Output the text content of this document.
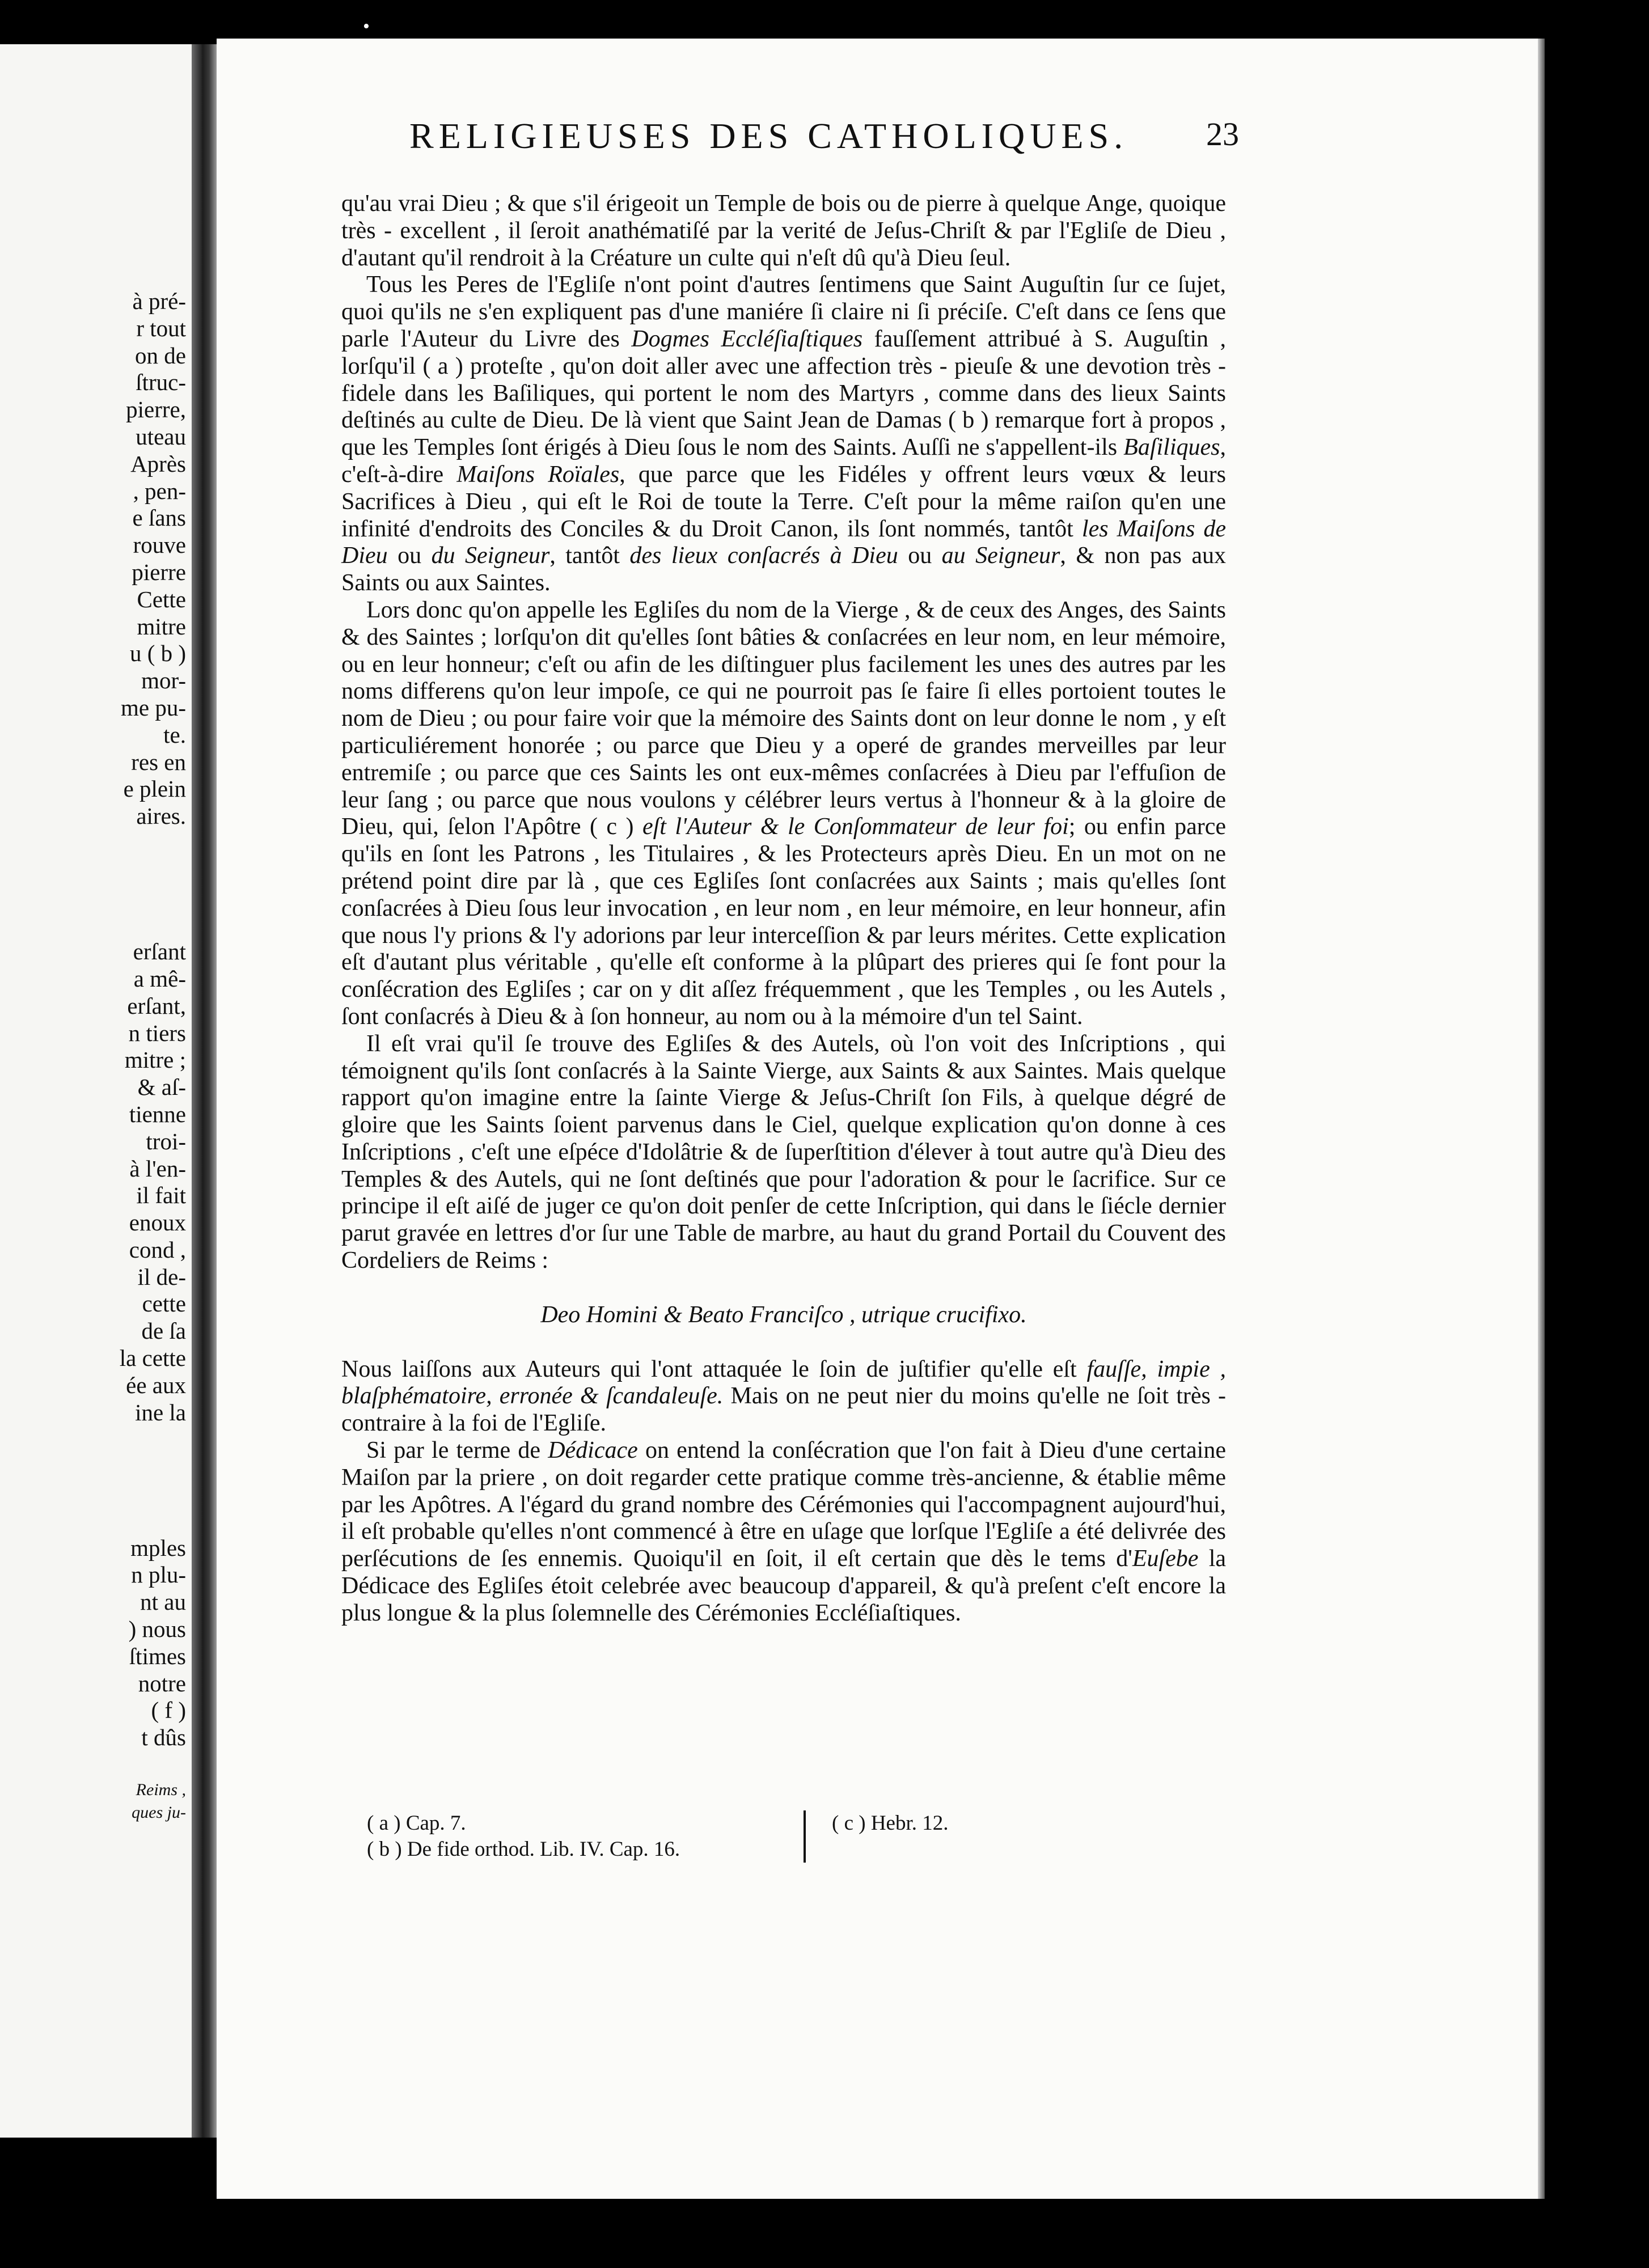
•
à pré-
r tout
on de
ſtruc-
pierre,
uteau
Après
, pen-
e ſans
rouve
pierre
Cette
mitre
u ( b )
mor-
me pu-
te.
res en
e plein
aires.
erſant
a mê-
erſant,
n tiers
mitre ;
& aſ-
tienne
troi-
à l'en-
il fait
enoux
cond ,
il de-
cette
de ſa
la cette
ée aux
ine la
mples
n plu-
nt au
) nous
ſtimes
notre
( f )
t dûs
Reims ,
ques ju-
RELIGIEUSES DES CATHOLIQUES.	23

qu'au vrai Dieu ; & que s'il érigeoit un Temple de bois ou de pierre à quelque Ange, quoique très - excellent , il ſeroit anathématiſé par la verité de Jeſus-Chriſt & par l'Egliſe de Dieu , d'autant qu'il rendroit à la Créature un culte qui n'eſt dû qu'à Dieu ſeul.

Tous les Peres de l'Egliſe n'ont point d'autres ſentimens que Saint Auguſtin ſur ce ſujet, quoi qu'ils ne s'en expliquent pas d'une maniére ſi claire ni ſi préciſe. C'eſt dans ce ſens que parle l'Auteur du Livre des Dogmes Eccléſiaſtiques fauſſement attribué à S. Auguſtin , lorſqu'il ( a ) proteſte , qu'on doit aller avec une affection très - pieuſe & une devotion très - fidele dans les Baſiliques, qui portent le nom des Martyrs , comme dans des lieux Saints deſtinés au culte de Dieu. De là vient que Saint Jean de Damas ( b ) remarque fort à propos , que les Temples ſont érigés à Dieu ſous le nom des Saints. Auſſi ne s'appellent-ils Baſiliques, c'eſt-à-dire Maiſons Roïales, que parce que les Fidéles y offrent leurs vœux & leurs Sacrifices à Dieu , qui eſt le Roi de toute la Terre. C'eſt pour la même raiſon qu'en une infinité d'endroits des Conciles & du Droit Canon, ils ſont nommés, tantôt les Maiſons de Dieu ou du Seigneur, tantôt des lieux conſacrés à Dieu ou au Seigneur, & non pas aux Saints ou aux Saintes.

Lors donc qu'on appelle les Egliſes du nom de la Vierge , & de ceux des Anges, des Saints & des Saintes ; lorſqu'on dit qu'elles ſont bâties & conſacrées en leur nom, en leur mémoire, ou en leur honneur; c'eſt ou afin de les diſtinguer plus facilement les unes des autres par les noms differens qu'on leur impoſe, ce qui ne pourroit pas ſe faire ſi elles portoient toutes le nom de Dieu ; ou pour faire voir que la mémoire des Saints dont on leur donne le nom , y eſt particuliérement honorée ; ou parce que Dieu y a operé de grandes merveilles par leur entremiſe ; ou parce que ces Saints les ont eux-mêmes conſacrées à Dieu par l'effuſion de leur ſang ; ou parce que nous voulons y célébrer leurs vertus à l'honneur & à la gloire de Dieu, qui, ſelon l'Apôtre ( c ) eſt l'Auteur & le Conſommateur de leur foi; ou enfin parce qu'ils en ſont les Patrons , les Titulaires , & les Protecteurs après Dieu. En un mot on ne prétend point dire par là , que ces Egliſes ſont conſacrées aux Saints ; mais qu'elles ſont conſacrées à Dieu ſous leur invocation , en leur nom , en leur mémoire, en leur honneur, afin que nous l'y prions & l'y adorions par leur interceſſion & par leurs mérites. Cette explication eſt d'autant plus véritable , qu'elle eſt conforme à la plûpart des prieres qui ſe font pour la conſécration des Egliſes ; car on y dit aſſez fréquemment , que les Temples , ou les Autels , ſont conſacrés à Dieu & à ſon honneur, au nom ou à la mémoire d'un tel Saint.

Il eſt vrai qu'il ſe trouve des Egliſes & des Autels, où l'on voit des Inſcriptions , qui témoignent qu'ils ſont conſacrés à la Sainte Vierge, aux Saints & aux Saintes. Mais quelque rapport qu'on imagine entre la ſainte Vierge & Jeſus-Chriſt ſon Fils, à quelque dégré de gloire que les Saints ſoient parvenus dans le Ciel, quelque explication qu'on donne à ces Inſcriptions , c'eſt une eſpéce d'Idolâtrie & de ſuperſtition d'élever à tout autre qu'à Dieu des Temples & des Autels, qui ne ſont deſtinés que pour l'adoration & pour le ſacrifice. Sur ce principe il eſt aiſé de juger ce qu'on doit penſer de cette Inſcription, qui dans le ſiécle dernier parut gravée en lettres d'or ſur une Table de marbre, au haut du grand Portail du Couvent des Cordeliers de Reims :

Deo Homini & Beato Franciſco , utrique crucifixo.

Nous laiſſons aux Auteurs qui l'ont attaquée le ſoin de juſtifier qu'elle eſt fauſſe, impie , blaſphématoire, erronée & ſcandaleuſe. Mais on ne peut nier du moins qu'elle ne ſoit très - contraire à la foi de l'Egliſe.

Si par le terme de Dédicace on entend la conſécration que l'on fait à Dieu d'une certaine Maiſon par la priere , on doit regarder cette pratique comme très-ancienne, & établie même par les Apôtres. A l'égard du grand nombre des Cérémonies qui l'accompagnent aujourd'hui, il eſt probable qu'elles n'ont commencé à être en uſage que lorſque l'Egliſe a été delivrée des perſécutions de ſes ennemis. Quoiqu'il en ſoit, il eſt certain que dès le tems d'Euſebe la Dédicace des Egliſes étoit celebrée avec beaucoup d'appareil, & qu'à preſent c'eſt encore la plus longue & la plus ſolemnelle des Cérémonies Eccléſiaſtiques.

( a ) Cap. 7.
( b ) De fide orthod. Lib. IV. Cap. 16.
( c ) Hebr. 12.
